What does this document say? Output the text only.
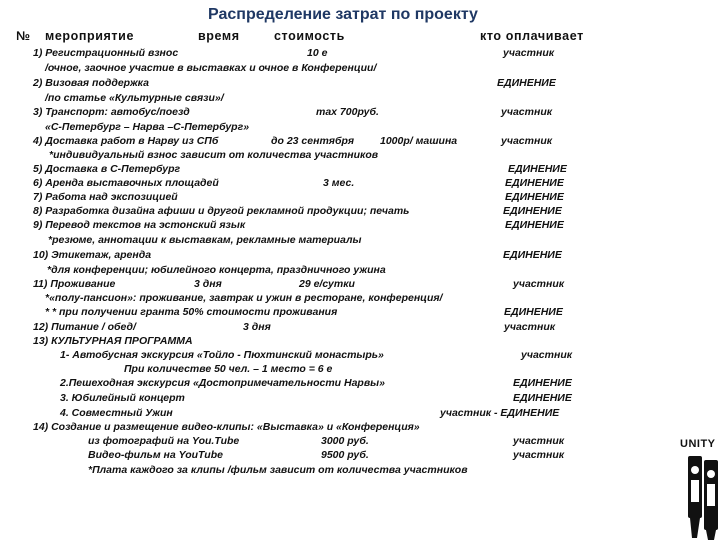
Распределение затрат по проекту
№ мероприятие	время	стоимость	кто оплачивает
1) Регистрационный взнос	10 е	участник
/очное, заочное участие в выставках и очное в Конференции/
2) Визовая поддержка	ЕДИНЕНИЕ
/по статье «Культурные связи»/
3) Транспорт: автобус/поезд	max 700руб.	участник
«С-Петербург – Нарва –С-Петербург»
4) Доставка работ в Нарву из СПб	до 23 сентября 1000р/ машина	участник
*индивидуальный взнос зависит от количества участников
5) Доставка в С-Петербург	ЕДИНЕНИЕ
6) Аренда выставочных площадей	3 мес.	ЕДИНЕНИЕ
7) Работа над экспозицией	ЕДИНЕНИЕ
8) Разработка дизайна афиши и другой рекламной продукции; печать	ЕДИНЕНИЕ
9) Перевод текстов на эстонский язык	ЕДИНЕНИЕ
*резюме, аннотации к выставкам, рекламные материалы
10) Этикетаж, аренда	ЕДИНЕНИЕ
*для конференции; юбилейного концерта, праздничного ужина
11) Проживание	3 дня	29 е/сутки	участник
*«полу-пансион»: проживание, завтрак и ужин в ресторане, конференция/
* * при получении гранта 50% стоимости проживания	ЕДИНЕНИЕ
12) Питание / обед/	3 дня	участник
13) КУЛЬТУРНАЯ ПРОГРАММА
1- Автобусная экскурсия «Тойло - Пюхтинский монастырь»	участник
При количестве 50 чел. – 1 место = 6 е
2.Пешеходная экскурсия «Достопримечательности Нарвы»	ЕДИНЕНИЕ
3. Юбилейный концерт	ЕДИНЕНИЕ
4. Совместный Ужин	участник - ЕДИНЕНИЕ
14) Создание и размещение видео-клипы: «Выставка» и «Конференция»
из фотографий на You.Tube	3000 руб.	участник
Видео-фильм на YouTube	9500 руб.	участник
*Плата каждого за клипы /фильм зависит от количества участников
UNITY
